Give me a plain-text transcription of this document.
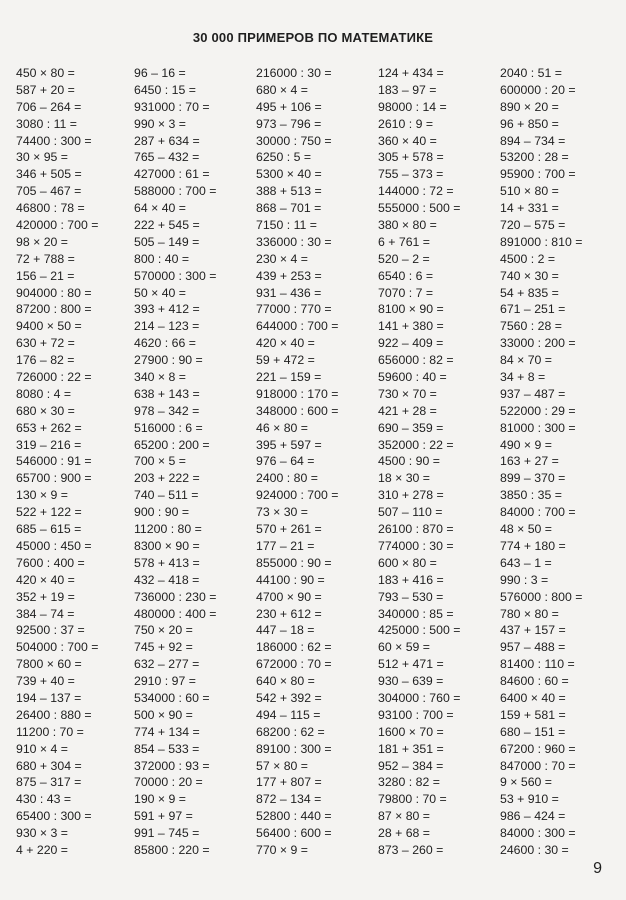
30 000 ПРИМЕРОВ ПО МАТЕМАТИКЕ
450 × 80 =
587 + 20 =
706 – 264 =
3080 : 11 =
74400 : 300 =
30 × 95 =
346 + 505 =
705 – 467 =
46800 : 78 =
420000 : 700 =
98 × 20 =
72 + 788 =
156 – 21 =
904000 : 80 =
87200 : 800 =
9400 × 50 =
630 + 72 =
176 – 82 =
726000 : 22 =
8080 : 4 =
680 × 30 =
653 + 262 =
319 – 216 =
546000 : 91 =
65700 : 900 =
130 × 9 =
522 + 122 =
685 – 615 =
45000 : 450 =
7600 : 400 =
420 × 40 =
352 + 19 =
384 – 74 =
92500 : 37 =
504000 : 700 =
7800 × 60 =
739 + 40 =
194 – 137 =
26400 : 880 =
11200 : 70 =
910 × 4 =
680 + 304 =
875 – 317 =
430 : 43 =
65400 : 300 =
930 × 3 =
4 + 220 =
96 – 16 =
6450 : 15 =
931000 : 70 =
990 × 3 =
287 + 634 =
765 – 432 =
427000 : 61 =
588000 : 700 =
64 × 40 =
222 + 545 =
505 – 149 =
800 : 40 =
570000 : 300 =
50 × 40 =
393 + 412 =
214 – 123 =
4620 : 66 =
27900 : 90 =
340 × 8 =
638 + 143 =
978 – 342 =
516000 : 6 =
65200 : 200 =
700 × 5 =
203 + 222 =
740 – 511 =
900 : 90 =
11200 : 80 =
8300 × 90 =
578 + 413 =
432 – 418 =
736000 : 230 =
480000 : 400 =
750 × 20 =
745 + 92 =
632 – 277 =
2910 : 97 =
534000 : 60 =
500 × 90 =
774 + 134 =
854 – 533 =
372000 : 93 =
70000 : 20 =
190 × 9 =
591 + 97 =
991 – 745 =
85800 : 220 =
216000 : 30 =
680 × 4 =
495 + 106 =
973 – 796 =
30000 : 750 =
6250 : 5 =
5300 × 40 =
388 + 513 =
868 – 701 =
7150 : 11 =
336000 : 30 =
230 × 4 =
439 + 253 =
931 – 436 =
77000 : 770 =
644000 : 700 =
420 × 40 =
59 + 472 =
221 – 159 =
918000 : 170 =
348000 : 600 =
46 × 80 =
395 + 597 =
976 – 64 =
2400 : 80 =
924000 : 700 =
73 × 30 =
570 + 261 =
177 – 21 =
855000 : 90 =
44100 : 90 =
4700 × 90 =
230 + 612 =
447 – 18 =
186000 : 62 =
672000 : 70 =
640 × 80 =
542 + 392 =
494 – 115 =
68200 : 62 =
89100 : 300 =
57 × 80 =
177 + 807 =
872 – 134 =
52800 : 440 =
56400 : 600 =
770 × 9 =
124 + 434 =
183 – 97 =
98000 : 14 =
2610 : 9 =
360 × 40 =
305 + 578 =
755 – 373 =
144000 : 72 =
555000 : 500 =
380 × 80 =
6 + 761 =
520 – 2 =
6540 : 6 =
7070 : 7 =
8100 × 90 =
141 + 380 =
922 – 409 =
656000 : 82 =
59600 : 40 =
730 × 70 =
421 + 28 =
690 – 359 =
352000 : 22 =
4500 : 90 =
18 × 30 =
310 + 278 =
507 – 110 =
26100 : 870 =
774000 : 30 =
600 × 80 =
183 + 416 =
793 – 530 =
340000 : 85 =
425000 : 500 =
60 × 59 =
512 + 471 =
930 – 639 =
304000 : 760 =
93100 : 700 =
1600 × 70 =
181 + 351 =
952 – 384 =
3280 : 82 =
79800 : 70 =
87 × 80 =
28 + 68 =
873 – 260 =
2040 : 51 =
600000 : 20 =
890 × 20 =
96 + 850 =
894 – 734 =
53200 : 28 =
95900 : 700 =
510 × 80 =
14 + 331 =
720 – 575 =
891000 : 810 =
4500 : 2 =
740 × 30 =
54 + 835 =
671 – 251 =
7560 : 28 =
33000 : 200 =
84 × 70 =
34 + 8 =
937 – 487 =
522000 : 29 =
81000 : 300 =
490 × 9 =
163 + 27 =
899 – 370 =
3850 : 35 =
84000 : 700 =
48 × 50 =
774 + 180 =
643 – 1 =
990 : 3 =
576000 : 800 =
780 × 80 =
437 + 157 =
957 – 488 =
81400 : 110 =
84600 : 60 =
6400 × 40 =
159 + 581 =
680 – 151 =
67200 : 960 =
847000 : 70 =
9 × 560 =
53 + 910 =
986 – 424 =
84000 : 300 =
24600 : 30 =
9
